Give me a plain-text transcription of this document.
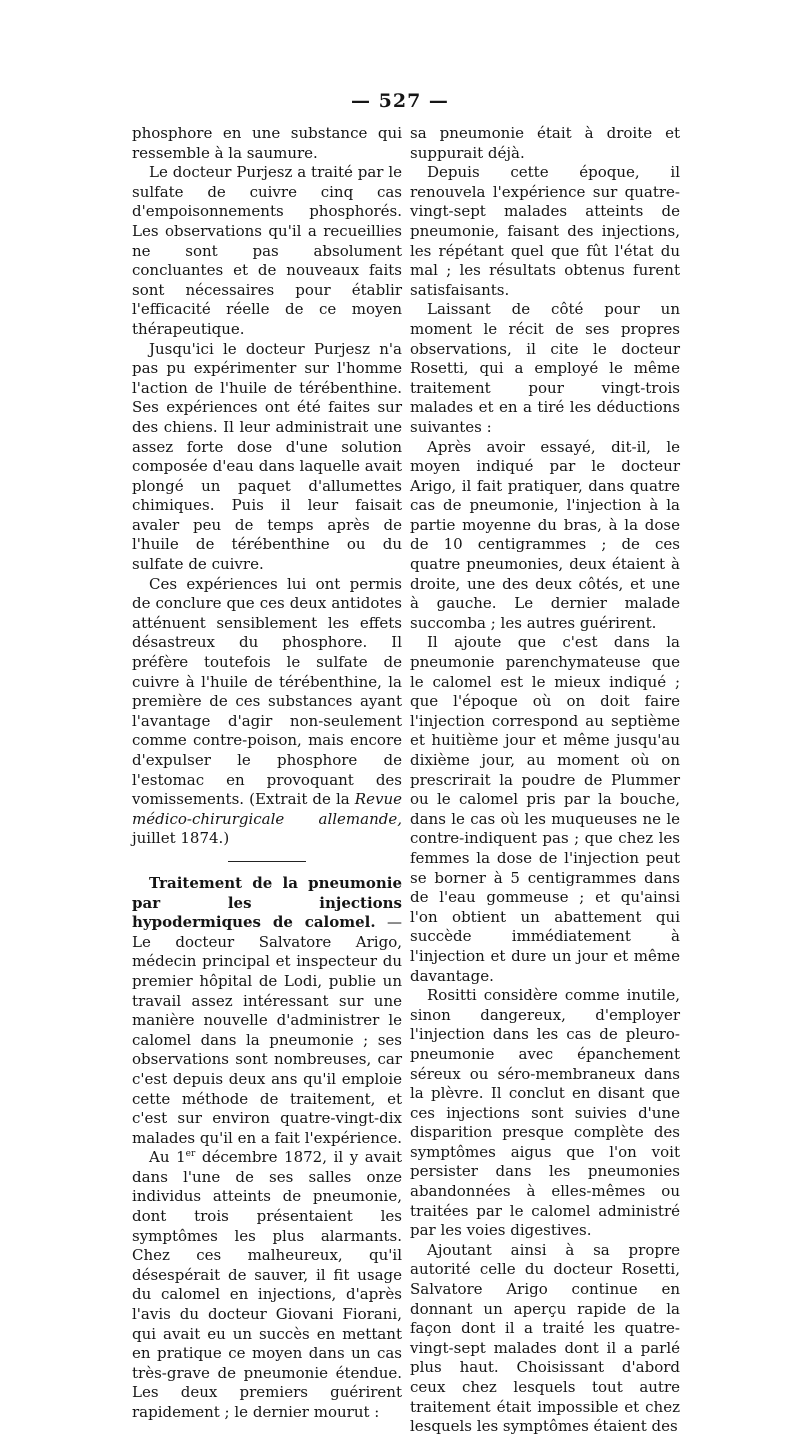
— 527 —

phosphore en une substance qui ressemble à la saumure.

Le docteur Purjesz a traité par le sulfate de cuivre cinq cas d'empoisonnements phosphorés. Les observations qu'il a recueillies ne sont pas absolument concluantes et de nouveaux faits sont nécessaires pour établir l'efficacité réelle de ce moyen thérapeutique.

Jusqu'ici le docteur Purjesz n'a pas pu expérimenter sur l'homme l'action de l'huile de térébenthine. Ses expériences ont été faites sur des chiens. Il leur administrait une assez forte dose d'une solution composée d'eau dans laquelle avait plongé un paquet d'allumettes chimiques. Puis il leur faisait avaler peu de temps après de l'huile de térébenthine ou du sulfate de cuivre.

Ces expériences lui ont permis de conclure que ces deux antidotes atténuent sensiblement les effets désastreux du phosphore. Il préfère toutefois le sulfate de cuivre à l'huile de térébenthine, la première de ces substances ayant l'avantage d'agir non-seulement comme contre-poison, mais encore d'expulser le phosphore de l'estomac en provoquant des vomissements. (Extrait de la Revue médico-chirurgicale allemande, juillet 1874.)

Traitement de la pneumonie par les injections hypodermiques de calomel. — Le docteur Salvatore Arigo, médecin principal et inspecteur du premier hôpital de Lodi, publie un travail assez intéressant sur une manière nouvelle d'administrer le calomel dans la pneumonie ; ses observations sont nombreuses, car c'est depuis deux ans qu'il emploie cette méthode de traitement, et c'est sur environ quatre-vingt-dix malades qu'il en a fait l'expérience.

Au 1er décembre 1872, il y avait dans l'une de ses salles onze individus atteints de pneumonie, dont trois présentaient les symptômes les plus alarmants. Chez ces malheureux, qu'il désespérait de sauver, il fit usage du calomel en injections, d'après l'avis du docteur Giovani Fiorani, qui avait eu un succès en mettant en pratique ce moyen dans un cas très-grave de pneumonie étendue. Les deux premiers guérirent rapidement ; le dernier mourut :

sa pneumonie était à droite et suppurait déjà.

Depuis cette époque, il renouvela l'expérience sur quatre-vingt-sept malades atteints de pneumonie, faisant des injections, les répétant quel que fût l'état du mal ; les résultats obtenus furent satisfaisants.

Laissant de côté pour un moment le récit de ses propres observations, il cite le docteur Rosetti, qui a employé le même traitement pour vingt-trois malades et en a tiré les déductions suivantes :

Après avoir essayé, dit-il, le moyen indiqué par le docteur Arigo, il fait pratiquer, dans quatre cas de pneumonie, l'injection à la partie moyenne du bras, à la dose de 10 centigrammes ; de ces quatre pneumonies, deux étaient à droite, une des deux côtés, et une à gauche. Le dernier malade succomba ; les autres guérirent.

Il ajoute que c'est dans la pneumonie parenchymateuse que le calomel est le mieux indiqué ; que l'époque où on doit faire l'injection correspond au septième et huitième jour et même jusqu'au dixième jour, au moment où on prescrirait la poudre de Plummer ou le calomel pris par la bouche, dans le cas où les muqueuses ne le contre-indiquent pas ; que chez les femmes la dose de l'injection peut se borner à 5 centigrammes dans de l'eau gommeuse ; et qu'ainsi l'on obtient un abattement qui succède immédiatement à l'injection et dure un jour et même davantage.

Rositti considère comme inutile, sinon dangereux, d'employer l'injection dans les cas de pleuro-pneumonie avec épanchement séreux ou séro-membraneux dans la plèvre. Il conclut en disant que ces injections sont suivies d'une disparition presque complète des symptômes aigus que l'on voit persister dans les pneumonies abandonnées à elles-mêmes ou traitées par le calomel administré par les voies digestives.

Ajoutant ainsi à sa propre autorité celle du docteur Rosetti, Salvatore Arigo continue en donnant un aperçu rapide de la façon dont il a traité les quatre-vingt-sept malades dont il a parlé plus haut. Choisissant d'abord ceux chez lesquels tout autre traitement était impossible et chez lesquels les symptômes étaient des
